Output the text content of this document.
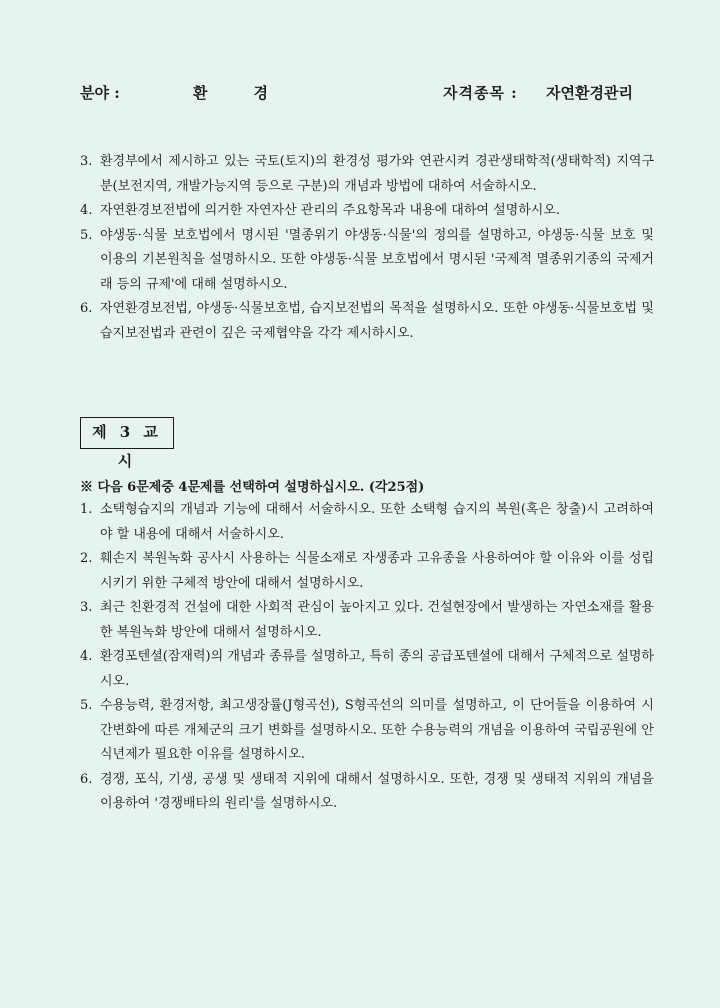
분야 :	환경	자격종목 : 자연환경관리
3. 환경부에서 제시하고 있는 국토(토지)의 환경성 평가와 연관시켜 경관생태학적(생태학적) 지역구분(보전지역, 개발가능지역 등으로 구분)의 개념과 방법에 대하여 서술하시오.
4. 자연환경보전법에 의거한 자연자산 관리의 주요항목과 내용에 대하여 설명하시오.
5. 야생동·식물 보호법에서 명시된 '멸종위기 야생동·식물'의 정의를 설명하고, 야생동·식물 보호 및 이용의 기본원칙을 설명하시오. 또한 야생동·식물 보호법에서 명시된 '국제적 멸종위기종의 국제거래 등의 규제'에 대해 설명하시오.
6. 자연환경보전법, 야생동·식물보호법, 습지보전법의 목적을 설명하시오. 또한 야생동·식물보호법 및 습지보전법과 관련이 깊은 국제협약을 각각 제시하시오.
제 3 교 시
※ 다음 6문제중 4문제를 선택하여 설명하십시오. (각25점)
1. 소택형습지의 개념과 기능에 대해서 서술하시오. 또한 소택형 습지의 복원(혹은 창출)시 고려하여야 할 내용에 대해서 서술하시오.
2. 훼손지 복원녹화 공사시 사용하는 식물소재로 자생종과 고유종을 사용하여야 할 이유와 이를 성립시키기 위한 구체적 방안에 대해서 설명하시오.
3. 최근 친환경적 건설에 대한 사회적 관심이 높아지고 있다. 건설현장에서 발생하는 자연소재를 활용한 복원녹화 방안에 대해서 설명하시오.
4. 환경포텐셜(잠재력)의 개념과 종류를 설명하고, 특히 종의 공급포텐셜에 대해서 구체적으로 설명하시오.
5. 수용능력, 환경저항, 최고생장률(J형곡선), S형곡선의 의미를 설명하고, 이 단어들을 이용하여 시간변화에 따른 개체군의 크기 변화를 설명하시오. 또한 수용능력의 개념을 이용하여 국립공원에 안식년제가 필요한 이유를 설명하시오.
6. 경쟁, 포식, 기생, 공생 및 생태적 지위에 대해서 설명하시오. 또한, 경쟁 및 생태적 지위의 개념을 이용하여 '경쟁배타의 원리'를 설명하시오.
